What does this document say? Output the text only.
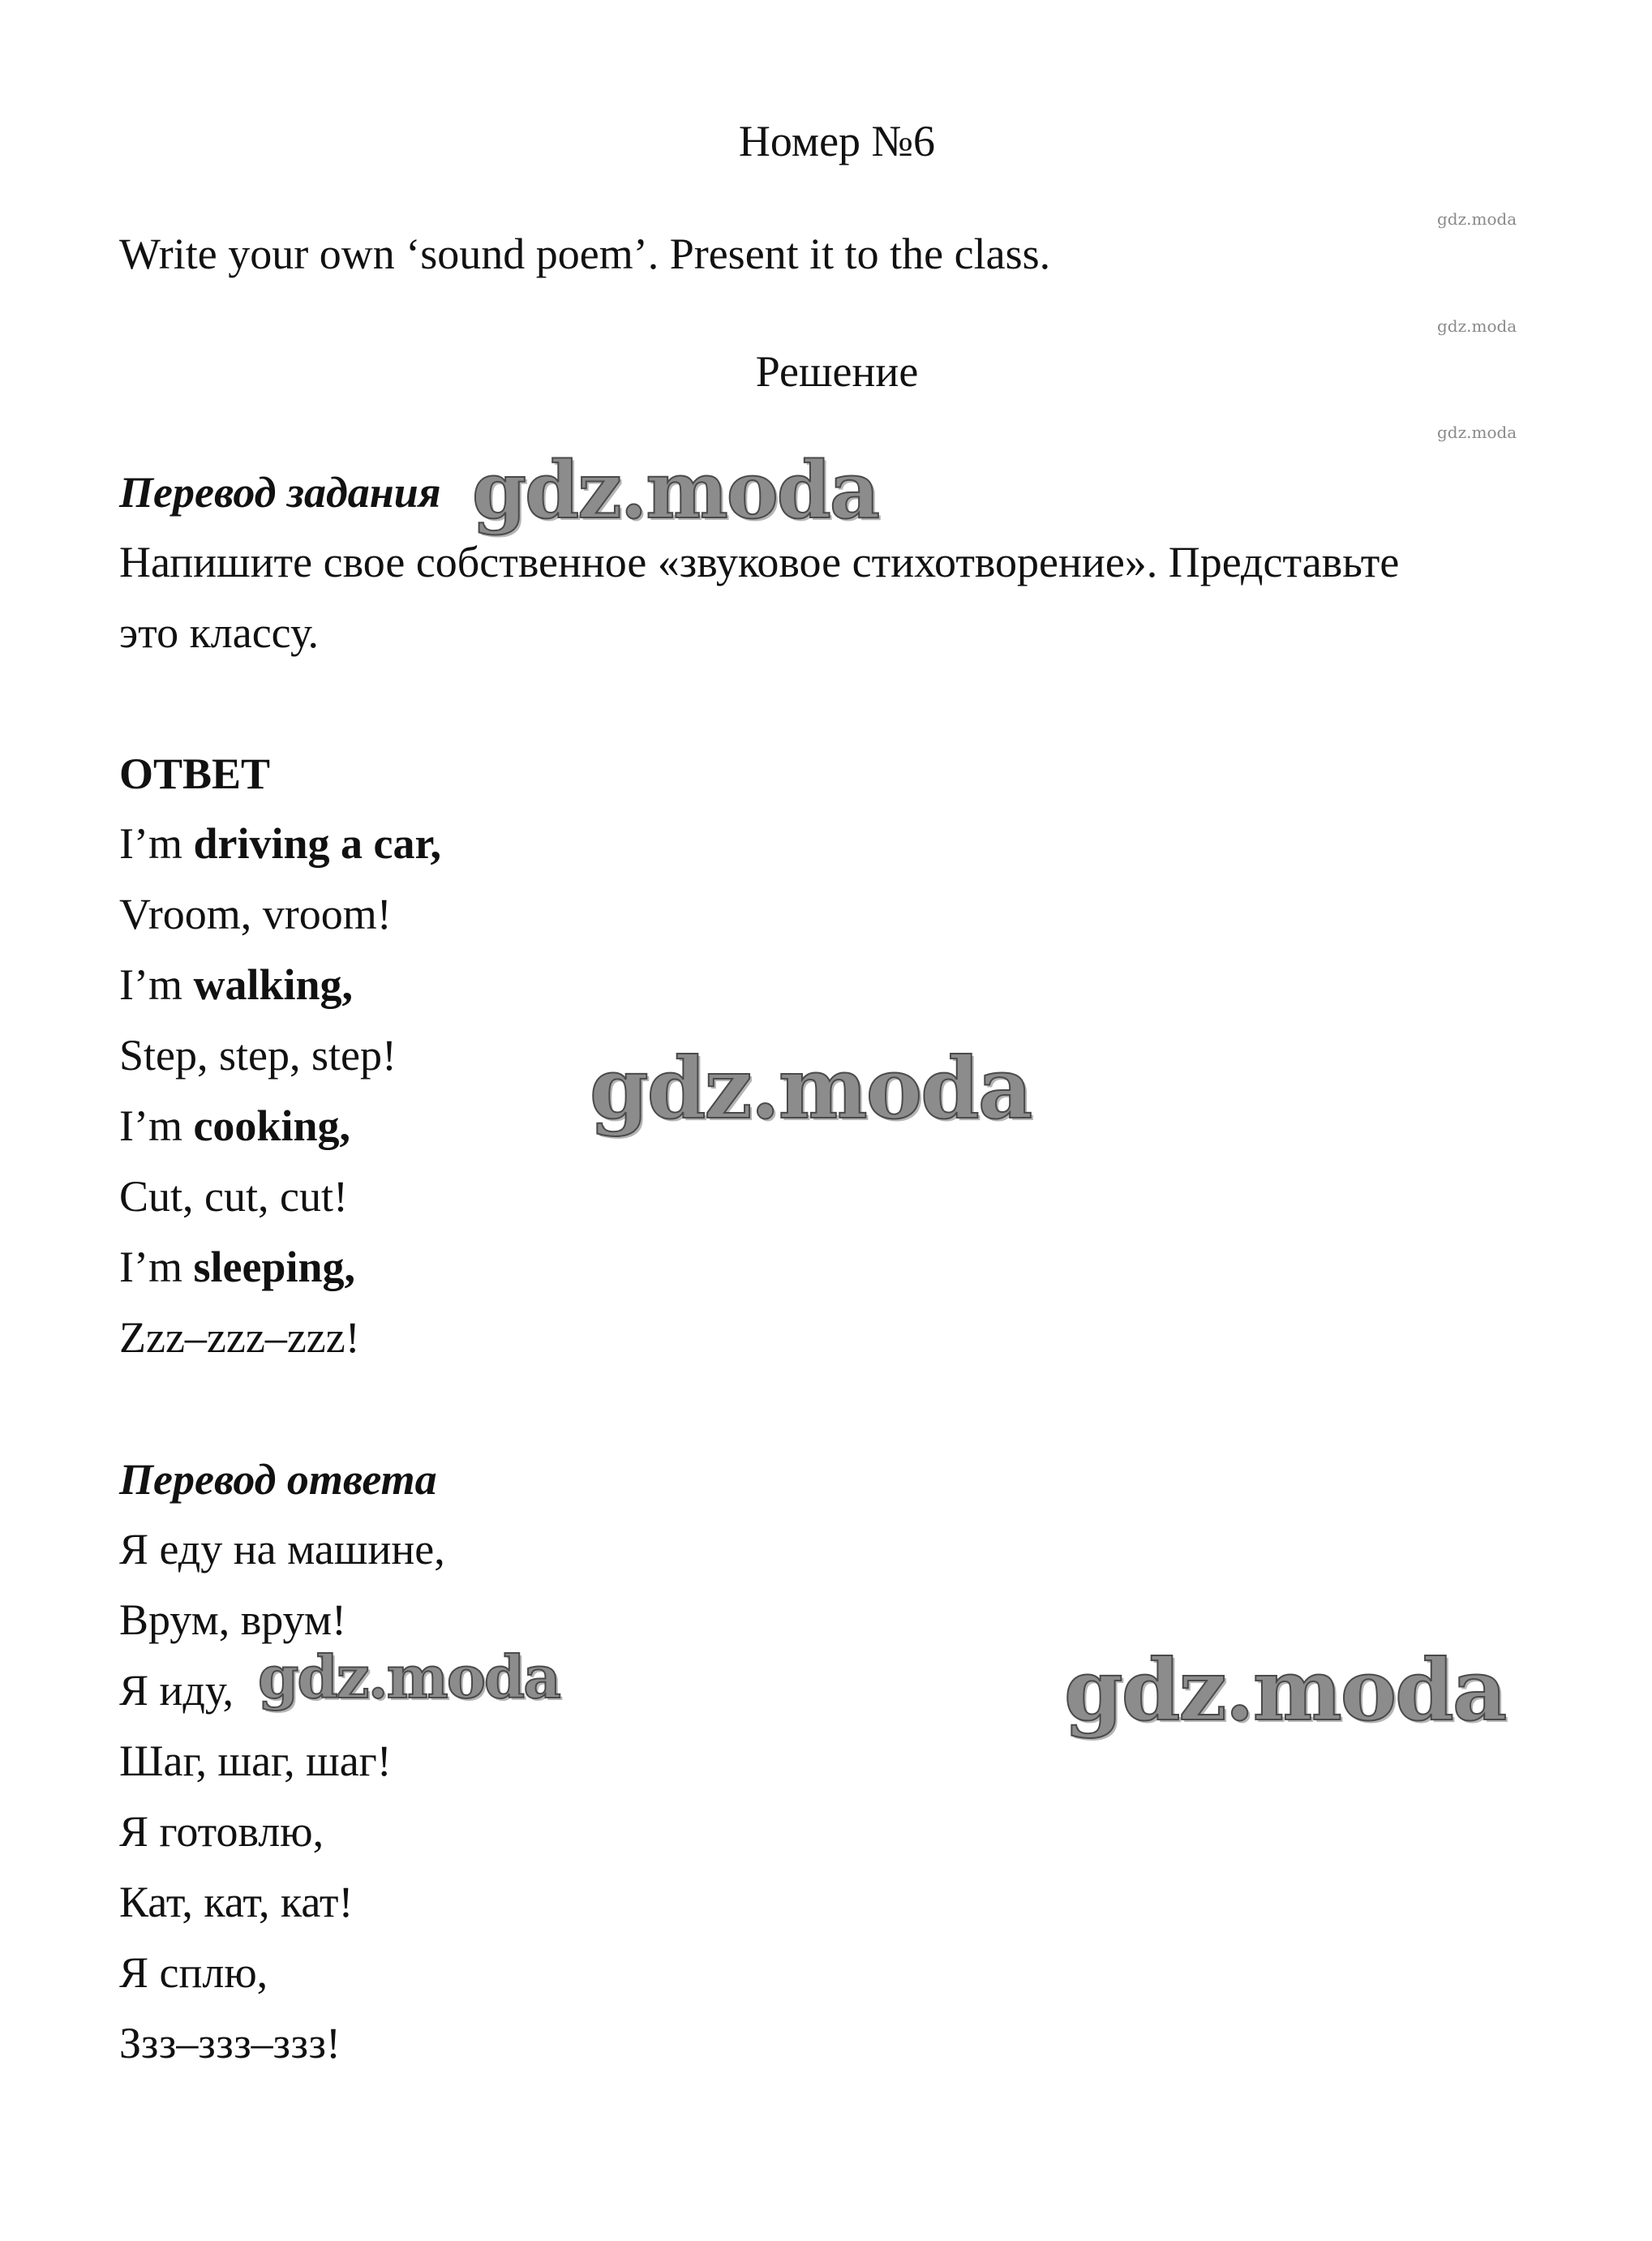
Номер №6
gdz.moda
gdz.moda
gdz.moda
Write your own ‘sound poem’. Present it to the class.
Решение
Перевод задания gdz.moda
Напишите свое собственное «звуковое стихотворение». Представьте
это классу.
ОТВЕТ
I’m driving a car,
Vroom, vroom!
I’m walking,
Step, step, step!
I’m cooking,
Cut, cut, cut!
I’m sleeping,
Zzz–zzz–zzz!
gdz.moda
Перевод ответа
Я еду на машине,
Врум, врум!
Я иду,
Шаг, шаг, шаг!
Я готовлю,
Кат, кат, кат!
Я сплю,
Ззз–ззз–ззз!
gdz.moda	gdz.moda
